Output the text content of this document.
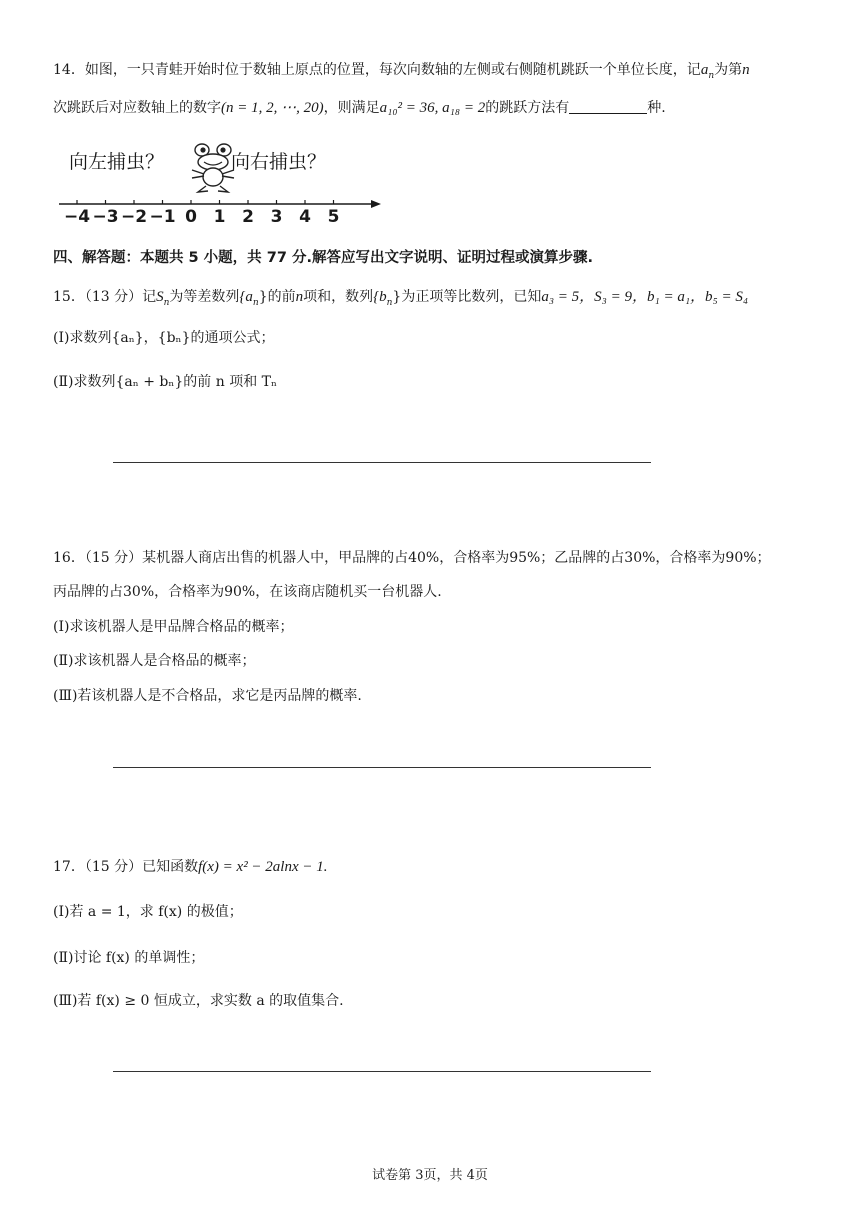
14．如图，一只青蛙开始时位于数轴上原点的位置，每次向数轴的左侧或右侧随机跳跃一个单位长度，记$a_n$为第n
次跳跃后对应数轴上的数字(n = 1, 2, ⋯, 20)，则满足a₁₀² = 36, a₁₈ = 2的跳跃方法有	种.
向左捕虫？	向右捕虫？
−4 −3 −2 −1 0 1 2 3 4 5
四、解答题：本题共 5 小题，共 77 分.解答应写出文字说明、证明过程或演算步骤.
15．（13 分）记$S_n$为等差数列$\{a_n\}$的前n项和，数列$\{b_n\}$为正项等比数列，已知a₃ = 5，S₃ = 9，b₁ = a₁，b₅ = S₄
(Ⅰ)求数列{aₙ}，{bₙ}的通项公式；
(Ⅱ)求数列{aₙ + bₙ}的前 n 项和 Tₙ
16．（15 分）某机器人商店出售的机器人中，甲品牌的占40%，合格率为95%；乙品牌的占30%，合格率为90%；
丙品牌的占30%，合格率为90%，在该商店随机买一台机器人.
(Ⅰ)求该机器人是甲品牌合格品的概率；
(Ⅱ)求该机器人是合格品的概率；
(Ⅲ)若该机器人是不合格品，求它是丙品牌的概率.
17．（15 分）已知函数f(x) = x² − 2alnx − 1.
(Ⅰ)若 a = 1，求 f(x) 的极值；
(Ⅱ)讨论 f(x) 的单调性；
(Ⅲ)若 f(x) ≥ 0 恒成立，求实数 a 的取值集合.
试卷第 3页，共 4页
